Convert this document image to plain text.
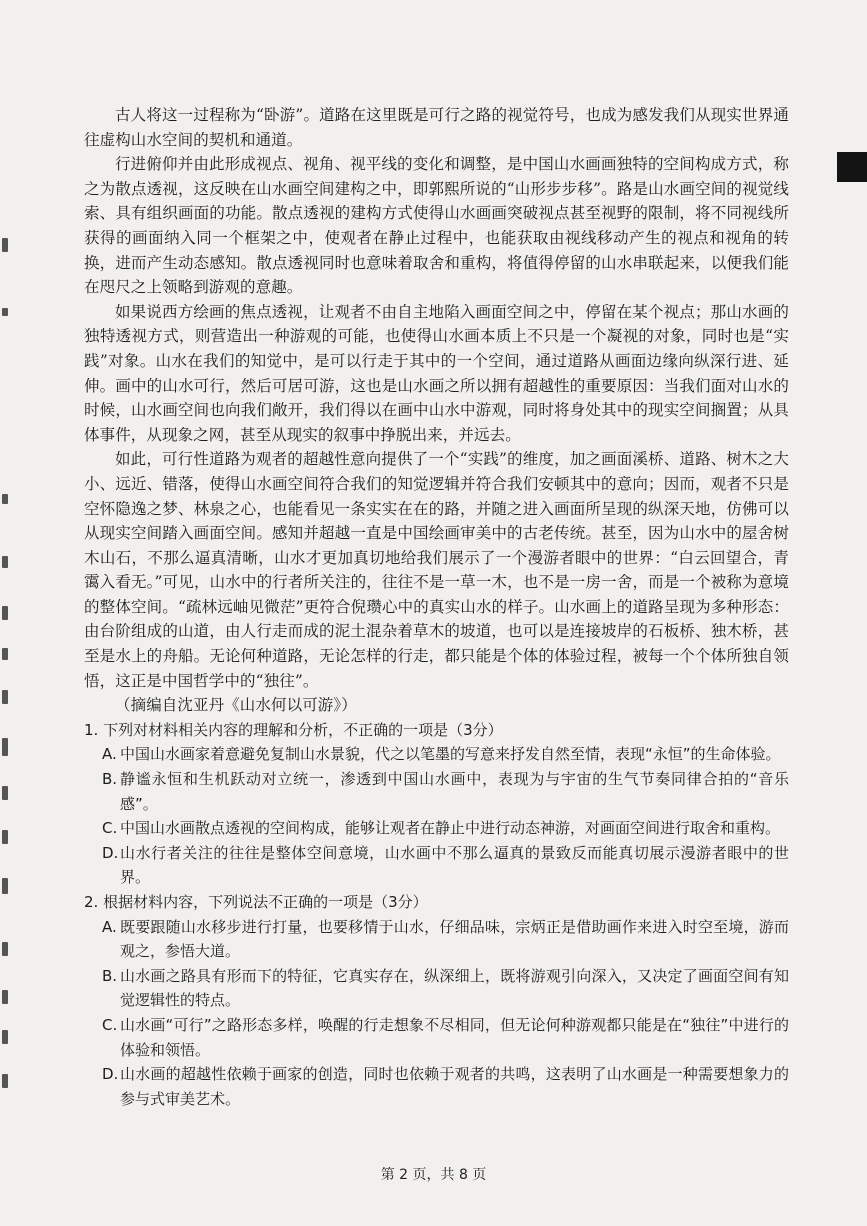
古人将这一过程称为“卧游”。道路在这里既是可行之路的视觉符号，也成为感发我们从现实世界通往虚构山水空间的契机和通道。

行进俯仰并由此形成视点、视角、视平线的变化和调整，是中国山水画画独特的空间构成方式，称之为散点透视，这反映在山水画空间建构之中，即郭熙所说的“山形步步移”。路是山水画空间的视觉线索、具有组织画面的功能。散点透视的建构方式使得山水画画突破视点甚至视野的限制，将不同视线所获得的画面纳入同一个框架之中，使观者在静止过程中，也能获取由视线移动产生的视点和视角的转换，进而产生动态感知。散点透视同时也意味着取舍和重构，将值得停留的山水串联起来，以便我们能在咫尺之上领略到游观的意趣。

如果说西方绘画的焦点透视，让观者不由自主地陷入画面空间之中，停留在某个视点；那山水画的独特透视方式，则营造出一种游观的可能，也使得山水画本质上不只是一个凝视的对象，同时也是“实践”对象。山水在我们的知觉中，是可以行走于其中的一个空间，通过道路从画面边缘向纵深行进、延伸。画中的山水可行，然后可居可游，这也是山水画之所以拥有超越性的重要原因：当我们面对山水的时候，山水画空间也向我们敞开，我们得以在画中山水中游观，同时将身处其中的现实空间搁置；从具体事件，从现象之网，甚至从现实的叙事中挣脱出来，并远去。

如此，可行性道路为观者的超越性意向提供了一个“实践”的维度，加之画面溪桥、道路、树木之大小、远近、错落，使得山水画空间符合我们的知觉逻辑并符合我们安顿其中的意向；因而，观者不只是空怀隐逸之梦、林泉之心，也能看见一条实实在在的路，并随之进入画面所呈现的纵深天地，仿佛可以从现实空间踏入画面空间。感知并超越一直是中国绘画审美中的古老传统。甚至，因为山水中的屋舍树木山石，不那么逼真清晰，山水才更加真切地给我们展示了一个漫游者眼中的世界：“白云回望合，青霭入看无。”可见，山水中的行者所关注的，往往不是一草一木，也不是一房一舍，而是一个被称为意境的整体空间。“疏林远岫见微茫”更符合倪瓒心中的真实山水的样子。山水画上的道路呈现为多种形态：由台阶组成的山道，由人行走而成的泥土混杂着草木的坡道，也可以是连接坡岸的石板桥、独木桥，甚至是水上的舟船。无论何种道路，无论怎样的行走，都只能是个体的体验过程，被每一个个体所独自领悟，这正是中国哲学中的“独往”。

（摘编自沈亚丹《山水何以可游》）

1. 下列对材料相关内容的理解和分析，不正确的一项是（3分）

A. 中国山水画家着意避免复制山水景貌，代之以笔墨的写意来抒发自然至情，表现“永恒”的生命体验。

B. 静谧永恒和生机跃动对立统一，渗透到中国山水画中，表现为与宇宙的生气节奏同律合拍的“音乐感”。

C. 中国山水画散点透视的空间构成，能够让观者在静止中进行动态神游，对画面空间进行取舍和重构。

D. 山水行者关注的往往是整体空间意境，山水画中不那么逼真的景致反而能真切展示漫游者眼中的世界。

2. 根据材料内容，下列说法不正确的一项是（3分）

A. 既要跟随山水移步进行打量，也要移情于山水，仔细品味，宗炳正是借助画作来进入时空至境，游而观之，参悟大道。

B. 山水画之路具有形而下的特征，它真实存在，纵深细上，既将游观引向深入，又决定了画面空间有知觉逻辑性的特点。

C. 山水画“可行”之路形态多样，唤醒的行走想象不尽相同，但无论何种游观都只能是在“独往”中进行的体验和领悟。

D. 山水画的超越性依赖于画家的创造，同时也依赖于观者的共鸣，这表明了山水画是一种需要想象力的参与式审美艺术。

第 2 页，共 8 页
